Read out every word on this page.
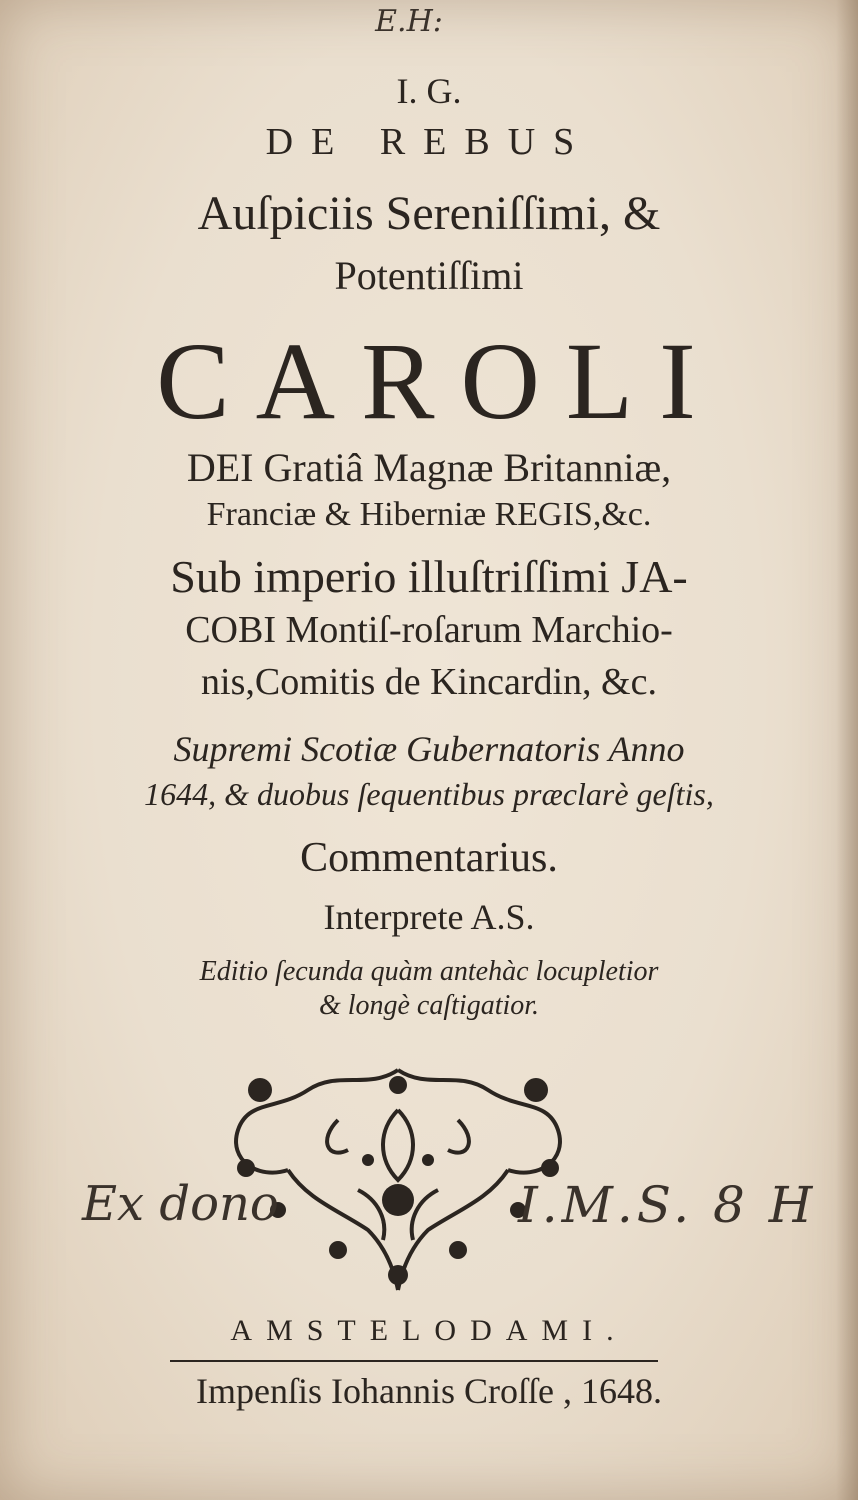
E.H:
I. G.
DE REBUS
Auſpiciis Sereniſſimi, &
Potentiſſimi
CAROLI
DEI Gratiâ Magnæ Britanniæ,
Franciæ & Hiberniæ REGIS,&c.
Sub imperio illuſtriſſimi JA-
COBI Montiſ-roſarum Marchio-
nis,Comitis de Kincardin, &c.
Supremi Scotiæ Gubernatoris Anno
1644, & duobus ſequentibus præclarè geſtis,
Commentarius.
Interprete A.S.
Editio ſecunda quàm antehàc locupletior
& longè caſtigatior.
Ex dono	I.M.S. 8 H
AMSTELODAMI.
Impenſis Iohannis Croſſe , 1648.
